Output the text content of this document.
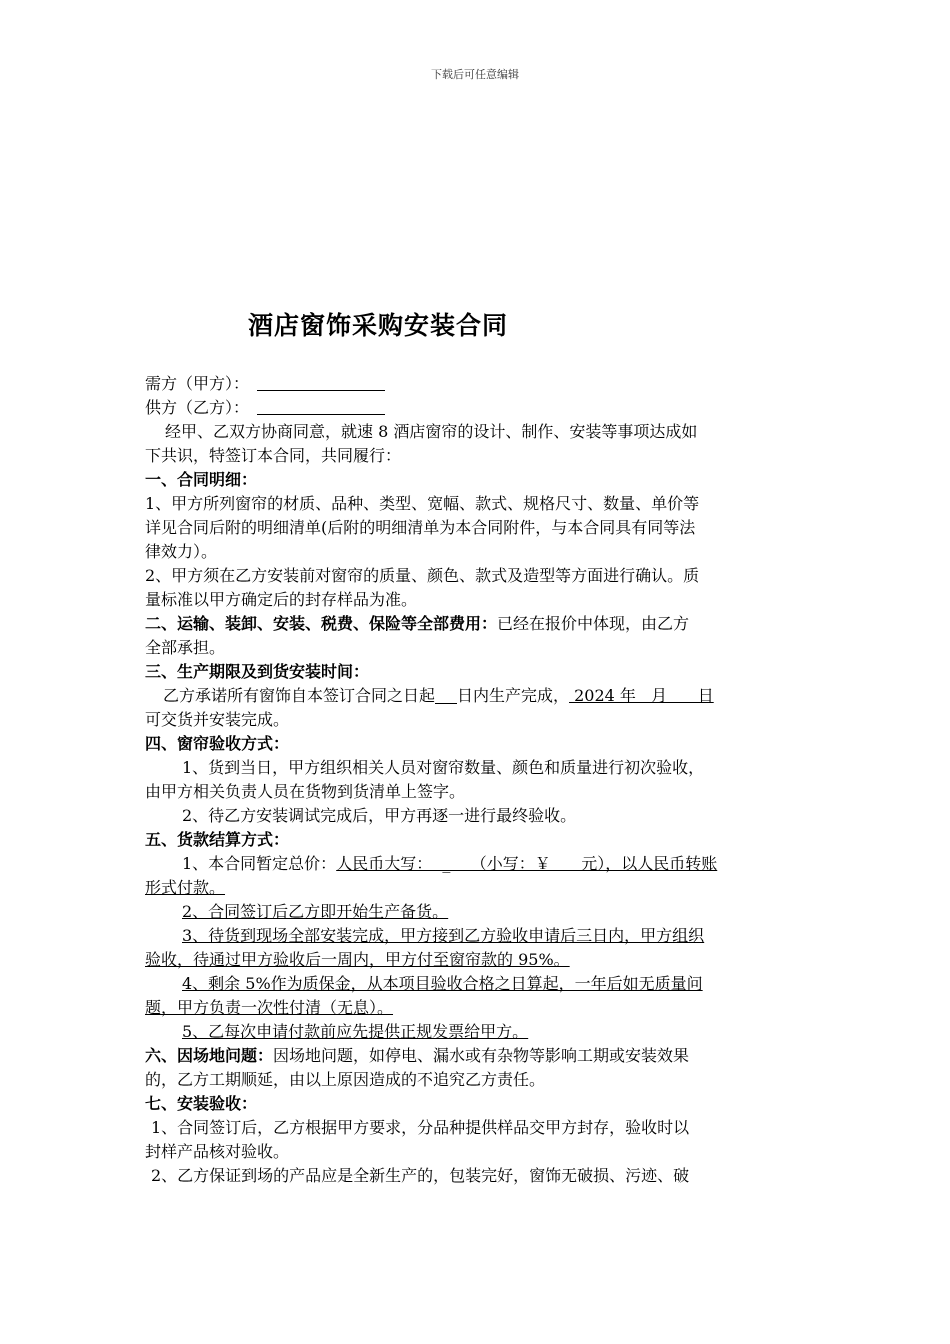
下载后可任意编辑
酒店窗饰采购安装合同
需方（甲方）：
供方（乙方）：
经甲、乙双方协商同意，就速 8 酒店窗帘的设计、制作、安装等事项达成如
下共识，特签订本合同，共同履行：
一、合同明细：
1、甲方所列窗帘的材质、品种、类型、宽幅、款式、规格尺寸、数量、单价等
详见合同后附的明细清单(后附的明细清单为本合同附件，与本合同具有同等法
律效力）。
2、甲方须在乙方安装前对窗帘的质量、颜色、款式及造型等方面进行确认。质
量标准以甲方确定后的封存样品为准。
二、运输、装卸、安装、税费、保险等全部费用：已经在报价中体现，由乙方
全部承担。
三、生产期限及到货安装时间：
乙方承诺所有窗饰自本签订合同之日起 日内生产完成， 2024 年   月      日
可交货并安装完成。
四、窗帘验收方式：
1、货到当日，甲方组织相关人员对窗帘数量、颜色和质量进行初次验收，
由甲方相关负责人员在货物到货清单上签字。
2、待乙方安装调试完成后，甲方再逐一进行最终验收。
五、货款结算方式：
1、本合同暂定总价：人民币大写：  _    （小写：￥      元），以人民币转账
形式付款。
2、合同签订后乙方即开始生产备货。
3、待货到现场全部安装完成，甲方接到乙方验收申请后三日内，甲方组织
验收，待通过甲方验收后一周内，甲方付至窗帘款的 95%。
4、剩余 5%作为质保金，从本项目验收合格之日算起，一年后如无质量问
题，甲方负责一次性付清（无息）。
5、乙每次申请付款前应先提供正规发票给甲方。
六、因场地问题：因场地问题，如停电、漏水或有杂物等影响工期或安装效果
的，乙方工期顺延，由以上原因造成的不追究乙方责任。
七、安装验收：
1、合同签订后，乙方根据甲方要求，分品种提供样品交甲方封存，验收时以
封样产品核对验收。
2、乙方保证到场的产品应是全新生产的，包装完好，窗饰无破损、污迹、破
